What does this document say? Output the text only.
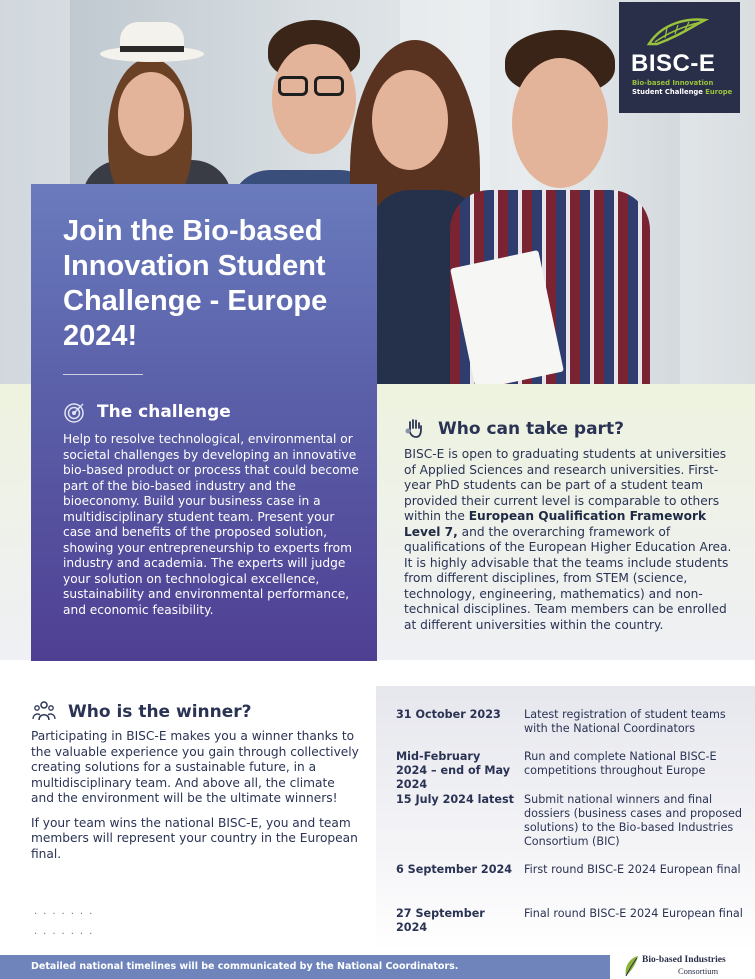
BISC-E
Bio-based Innovation
Student Challenge Europe
Join the Bio-based Innovation Student Challenge - Europe 2024!
The challenge
Help to resolve technological, environmental or societal challenges by developing an innovative bio-based product or process that could become part of the bio-based industry and the bioeconomy. Build your business case in a multidisciplinary student team. Present your case and benefits of the proposed solution, showing your entrepreneurship to experts from industry and academia. The experts will judge your solution on technological excellence, sustainability and environmental performance, and economic feasibility.
Who can take part?
BISC-E is open to graduating students at universities of Applied Sciences and research universities. First-year PhD students can be part of a student team provided their current level is comparable to others within the European Qualification Framework Level 7, and the overarching framework of qualifications of the European Higher Education Area. It is highly advisable that the teams include students from different disciplines, from STEM (science, technology, engineering, mathematics) and non-technical disciplines. Team members can be enrolled at different universities within the country.
Who is the winner?

Participating in BISC-E makes you a winner thanks to the valuable experience you gain through collectively creating solutions for a sustainable future, in a multidisciplinary team. And above all, the climate and the environment will be the ultimate winners!

If your team wins the national BISC-E, you and team members will represent your country in the European final.

·······

·······
31 October 2023	Latest registration of student teams with the National Coordinators
Mid-February 2024 – end of May 2024
Run and complete National BISC-E competitions throughout Europe
15 July 2024 latest Submit national winners and final dossiers (business cases and proposed solutions) to the Bio-based Industries Consortium (BIC)
6 September 2024 First round BISC-E 2024 European final
27 September 2024
Final round BISC-E 2024 European final
Detailed national timelines will be communicated by the National Coordinators.
Bio-based Industries
Consortium
